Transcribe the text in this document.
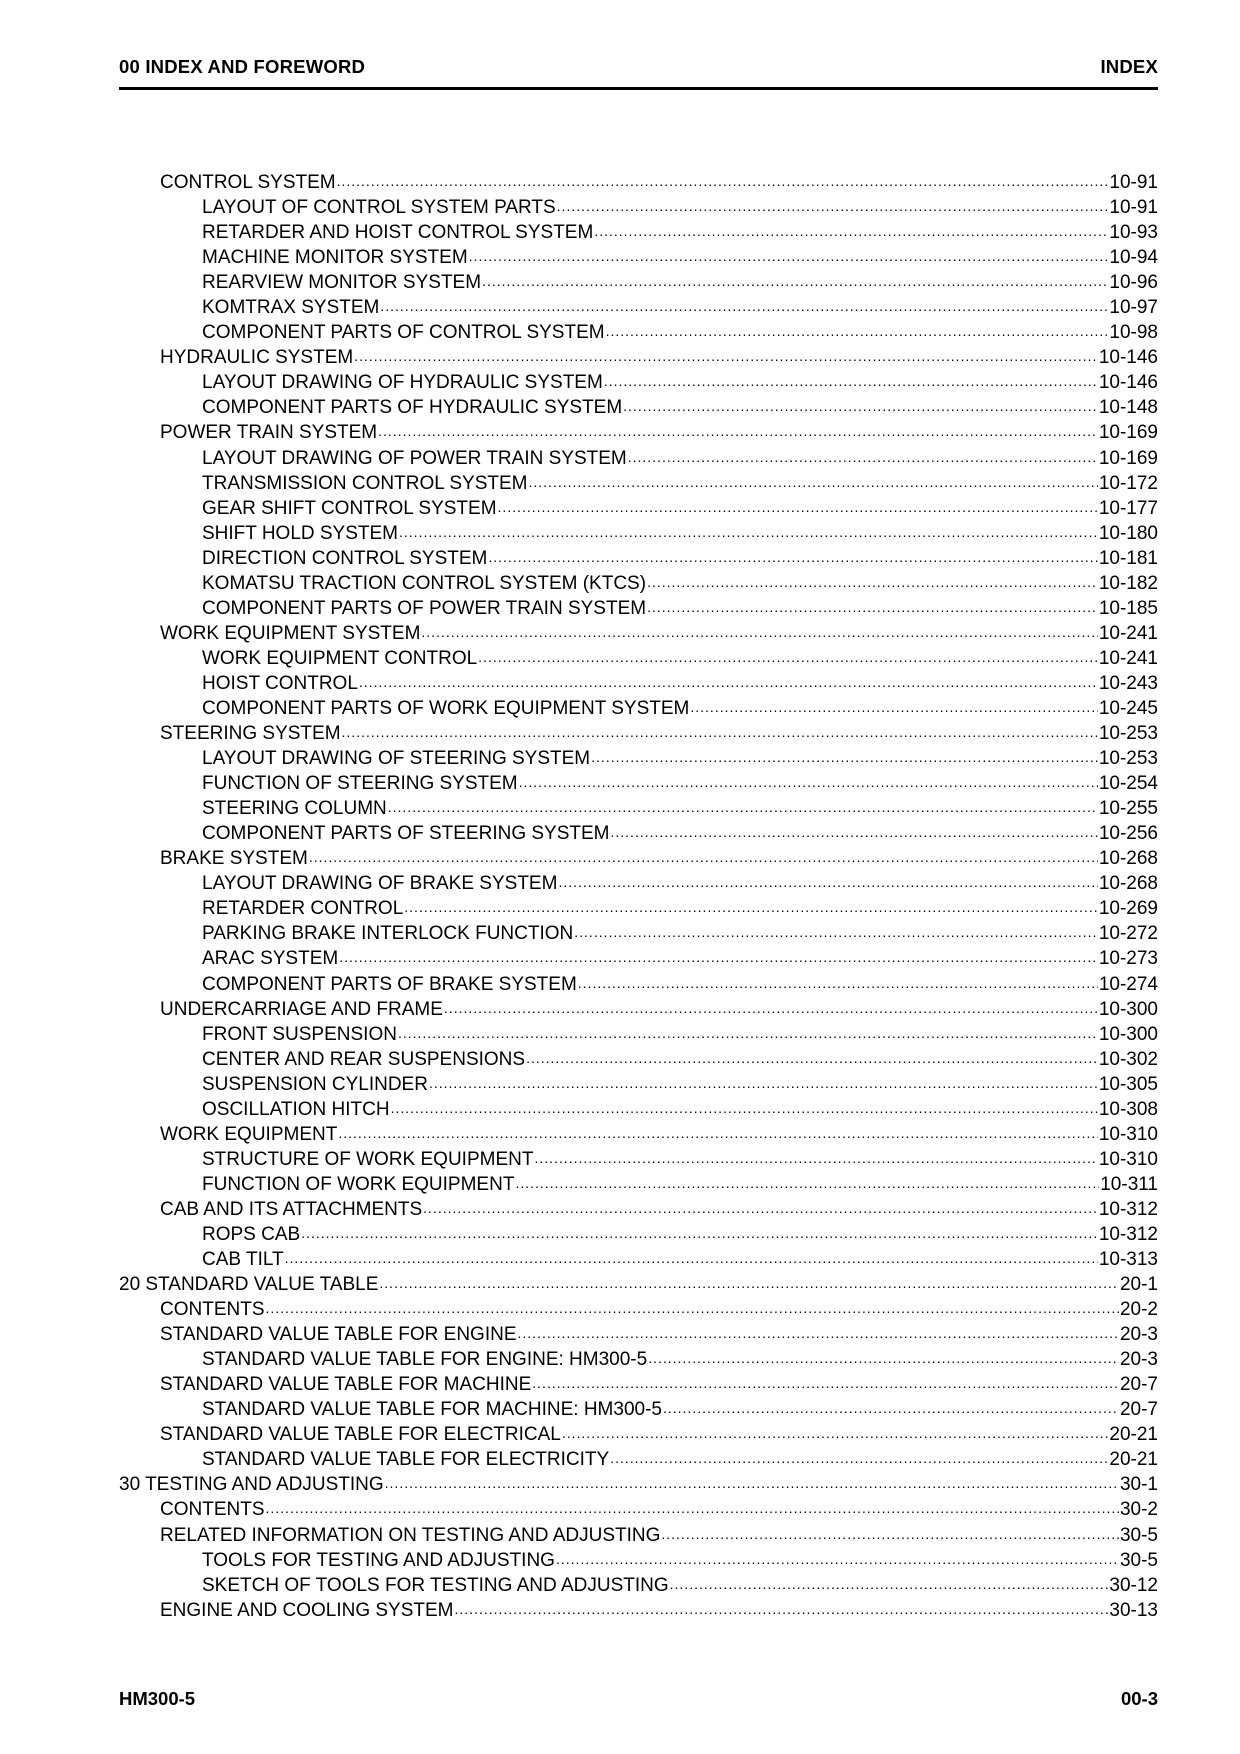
00 INDEX AND FOREWORD	INDEX
CONTROL SYSTEM .....	10-91
LAYOUT OF CONTROL SYSTEM PARTS .....	10-91
RETARDER AND HOIST CONTROL SYSTEM .....	10-93
MACHINE MONITOR SYSTEM .....	10-94
REARVIEW MONITOR SYSTEM .....	10-96
KOMTRAX SYSTEM .....	10-97
COMPONENT PARTS OF CONTROL SYSTEM .....	10-98
HYDRAULIC SYSTEM .....	10-146
LAYOUT DRAWING OF HYDRAULIC SYSTEM .....	10-146
COMPONENT PARTS OF HYDRAULIC SYSTEM .....	10-148
POWER TRAIN SYSTEM .....	10-169
LAYOUT DRAWING OF POWER TRAIN SYSTEM .....	10-169
TRANSMISSION CONTROL SYSTEM .....	10-172
GEAR SHIFT CONTROL SYSTEM .....	10-177
SHIFT HOLD SYSTEM .....	10-180
DIRECTION CONTROL SYSTEM .....	10-181
KOMATSU TRACTION CONTROL SYSTEM (KTCS) .....	10-182
COMPONENT PARTS OF POWER TRAIN SYSTEM .....	10-185
WORK EQUIPMENT SYSTEM .....	10-241
WORK EQUIPMENT CONTROL .....	10-241
HOIST CONTROL .....	10-243
COMPONENT PARTS OF WORK EQUIPMENT SYSTEM .....	10-245
STEERING SYSTEM .....	10-253
LAYOUT DRAWING OF STEERING SYSTEM .....	10-253
FUNCTION OF STEERING SYSTEM .....	10-254
STEERING COLUMN .....	10-255
COMPONENT PARTS OF STEERING SYSTEM .....	10-256
BRAKE SYSTEM .....	10-268
LAYOUT DRAWING OF BRAKE SYSTEM .....	10-268
RETARDER CONTROL .....	10-269
PARKING BRAKE INTERLOCK FUNCTION .....	10-272
ARAC SYSTEM .....	10-273
COMPONENT PARTS OF BRAKE SYSTEM .....	10-274
UNDERCARRIAGE AND FRAME .....	10-300
FRONT SUSPENSION .....	10-300
CENTER AND REAR SUSPENSIONS .....	10-302
SUSPENSION CYLINDER .....	10-305
OSCILLATION HITCH .....	10-308
WORK EQUIPMENT .....	10-310
STRUCTURE OF WORK EQUIPMENT .....	10-310
FUNCTION OF WORK EQUIPMENT .....	10-311
CAB AND ITS ATTACHMENTS .....	10-312
ROPS CAB .....	10-312
CAB TILT .....	10-313
20 STANDARD VALUE TABLE .....	20-1
CONTENTS .....	20-2
STANDARD VALUE TABLE FOR ENGINE .....	20-3
STANDARD VALUE TABLE FOR ENGINE: HM300-5 .....	20-3
STANDARD VALUE TABLE FOR MACHINE .....	20-7
STANDARD VALUE TABLE FOR MACHINE: HM300-5 .....	20-7
STANDARD VALUE TABLE FOR ELECTRICAL .....	20-21
STANDARD VALUE TABLE FOR ELECTRICITY .....	20-21
30 TESTING AND ADJUSTING .....	30-1
CONTENTS .....	30-2
RELATED INFORMATION ON TESTING AND ADJUSTING .....	30-5
TOOLS FOR TESTING AND ADJUSTING .....	30-5
SKETCH OF TOOLS FOR TESTING AND ADJUSTING .....	30-12
ENGINE AND COOLING SYSTEM .....	30-13
HM300-5	00-3
